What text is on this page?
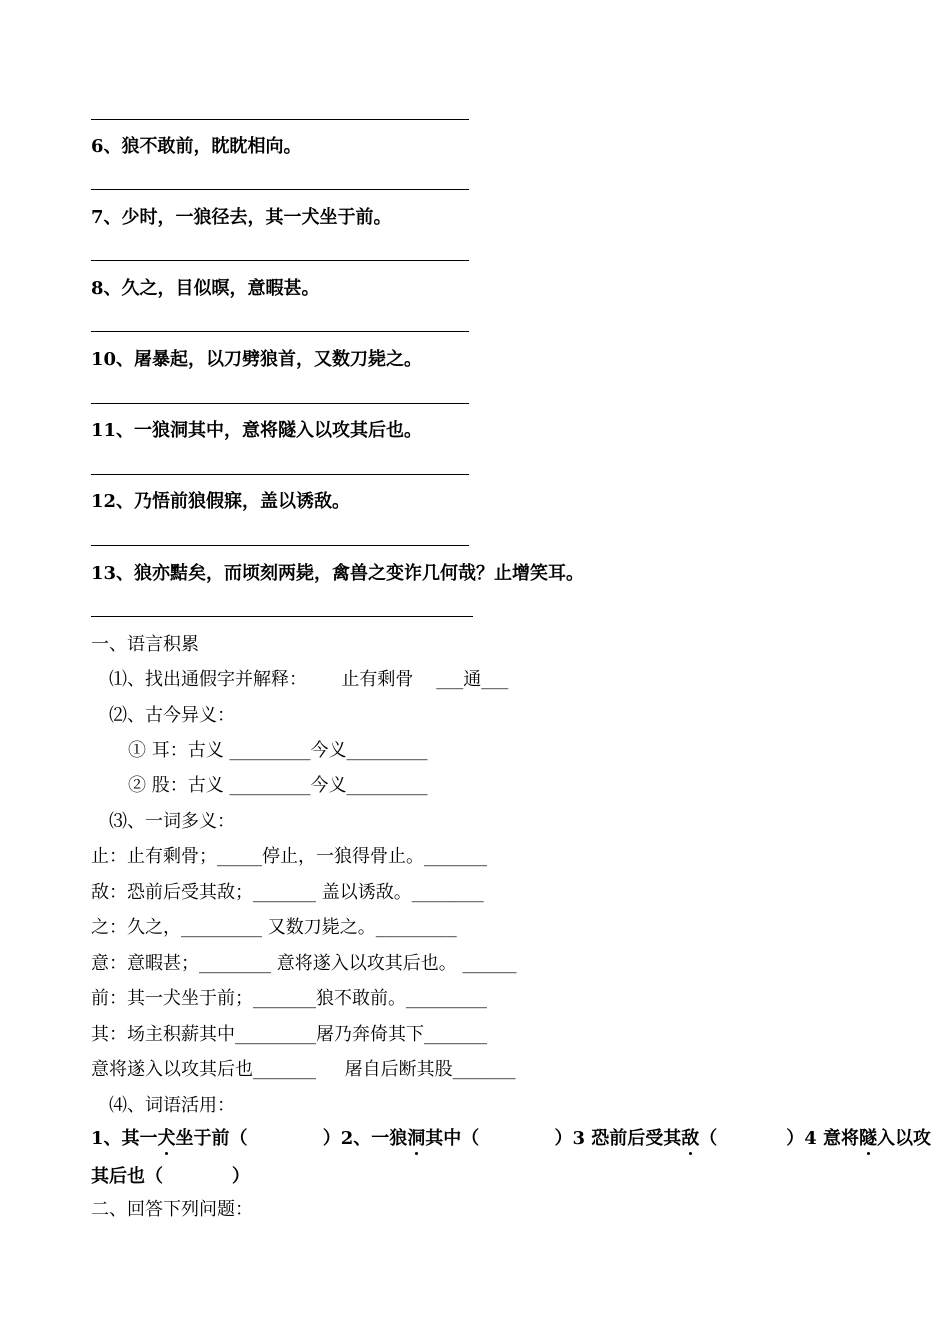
6、狼不敢前，眈眈相向。
7、少时，一狼径去，其一犬坐于前。
8、久之，目似暝，意暇甚。
10、屠暴起，以刀劈狼首，又数刀毙之。
11、一狼洞其中，意将隧入以攻其后也。
12、乃悟前狼假寐，盖以诱敌。
13、狼亦黠矣，而顷刻两毙，禽兽之变诈几何哉？止增笑耳。
一、语言积累
⑴、找出通假字并解释：      止有剩骨    ___通___
⑵、古今异义：
① 耳：古义 _________今义_________
② 股：古义 _________今义_________
⑶、一词多义：
止：止有剩骨；_____停止，一狼得骨止。_______
敌：恐前后受其敌；_______ 盖以诱敌。________
之：久之，_________ 又数刀毙之。_________
意：意暇甚；________ 意将遂入以攻其后也。 ______
前：其一犬坐于前；_______狼不敢前。_________
其：场主积薪其中_________屠乃奔倚其下_______
意将遂入以攻其后也_______     屠自后断其股_______
⑷、词语活用：
1、其一犬坐于前（            ）2、一狼洞其中（            ）3 恐前后受其敌（           ）4 意将隧入以攻
其后也（           ）
二、回答下列问题：
